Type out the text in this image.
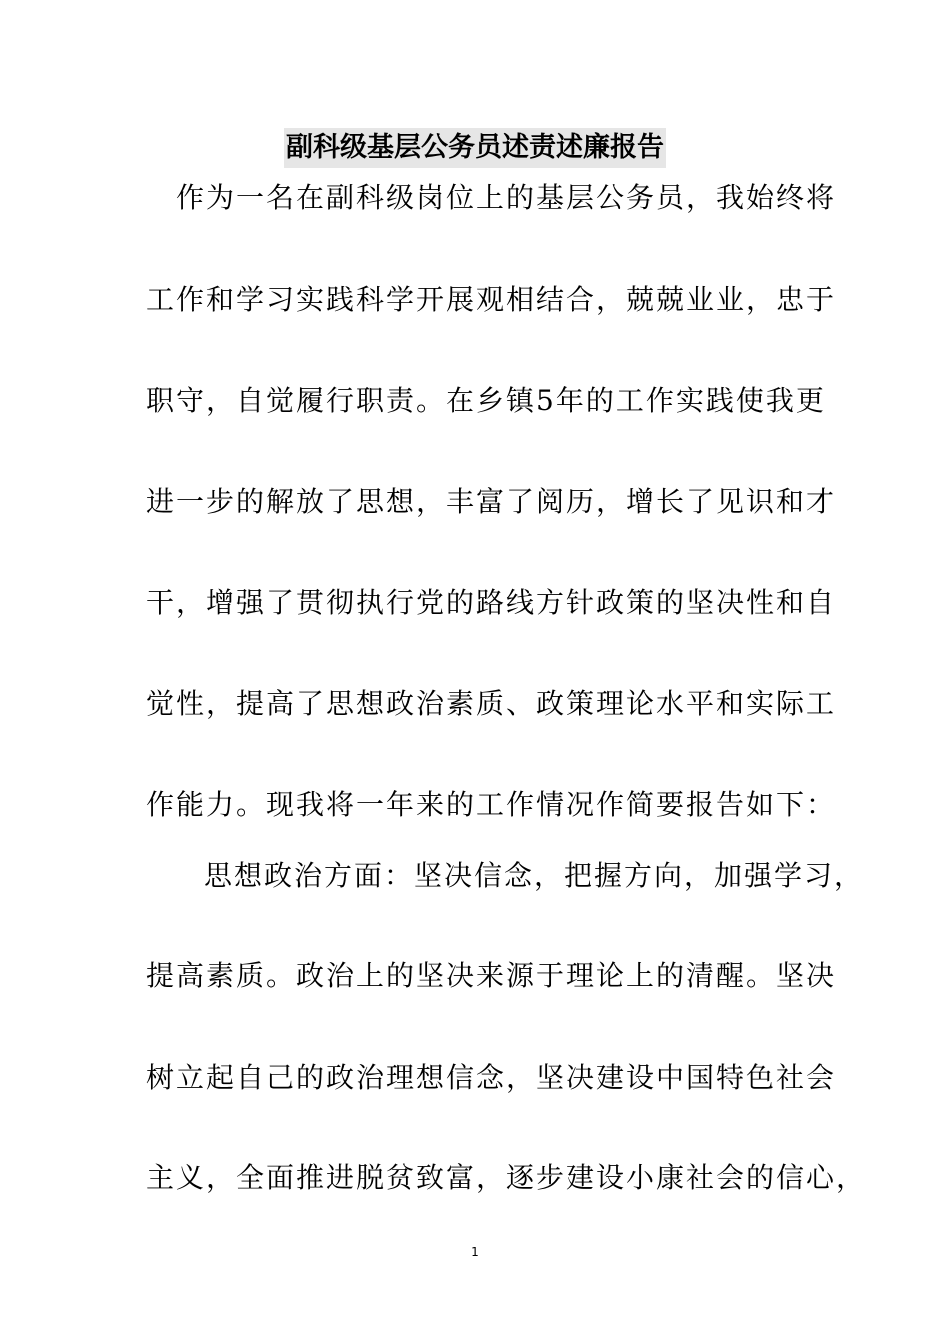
副科级基层公务员述责述廉报告
作为一名在副科级岗位上的基层公务员，我始终将
工作和学习实践科学开展观相结合，兢兢业业，忠于
职守，自觉履行职责。在乡镇5年的工作实践使我更
进一步的解放了思想，丰富了阅历，增长了见识和才
干，增强了贯彻执行党的路线方针政策的坚决性和自
觉性，提高了思想政治素质、政策理论水平和实际工
作能力。现我将一年来的工作情况作简要报告如下：
思想政治方面：坚决信念，把握方向，加强学习，
提高素质。政治上的坚决来源于理论上的清醒。坚决
树立起自己的政治理想信念，坚决建设中国特色社会
主义，全面推进脱贫致富，逐步建设小康社会的信心，
1
